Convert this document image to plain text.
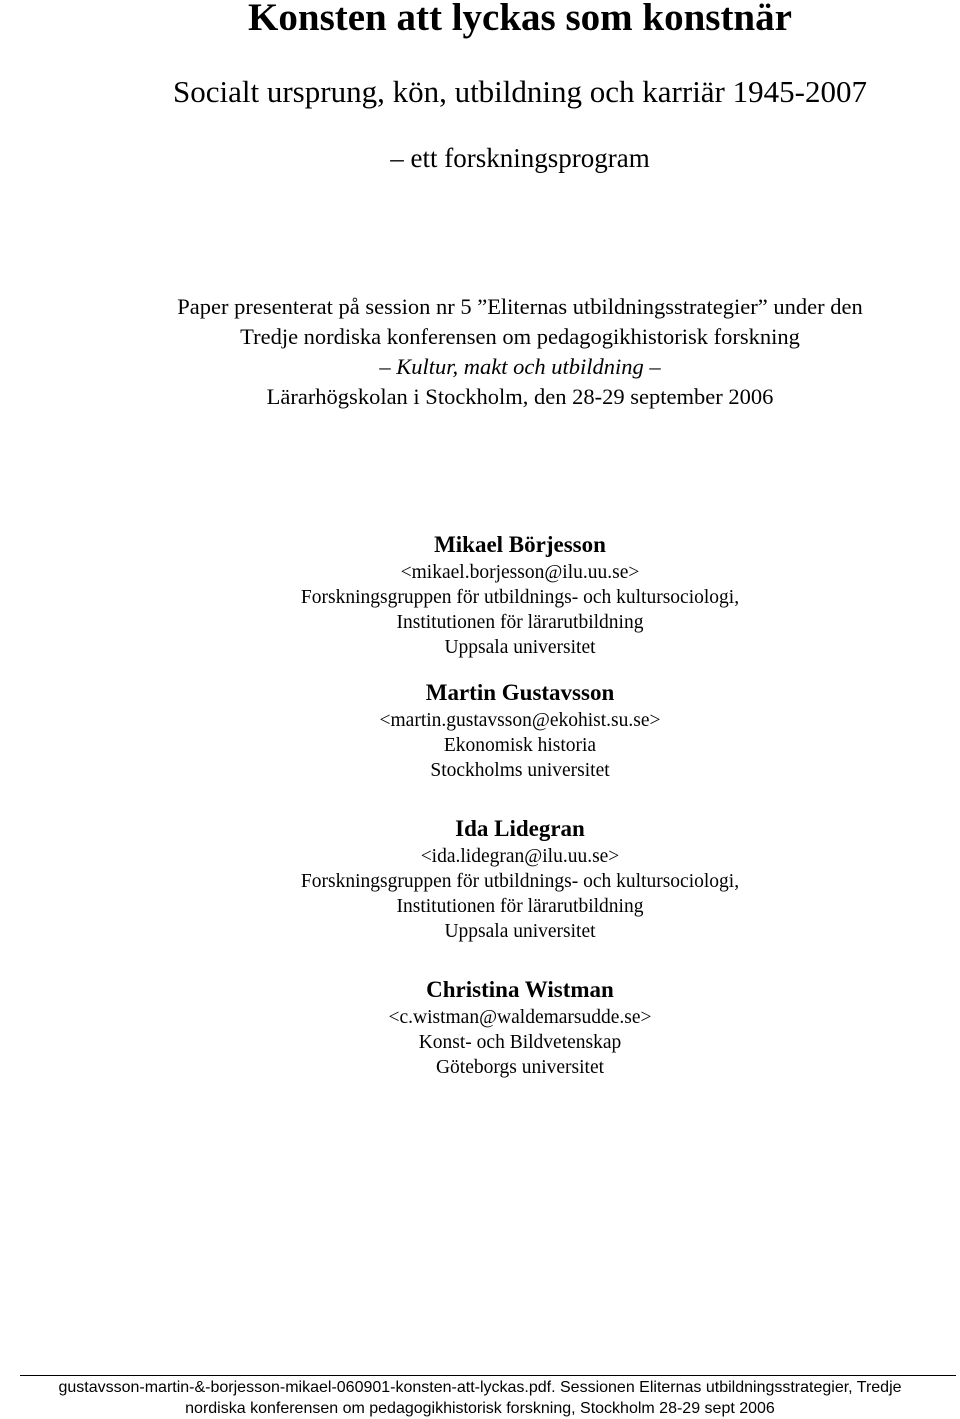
Konsten att lyckas som konstnär
Socialt ursprung, kön, utbildning och karriär 1945-2007
– ett forskningsprogram
Paper presenterat på session nr 5 ”Eliternas utbildningsstrategier” under den
Tredje nordiska konferensen om pedagogikhistorisk forskning
– Kultur, makt och utbildning –
Lärarhögskolan i Stockholm, den 28-29 september 2006
Mikael Börjesson
<mikael.borjesson@ilu.uu.se>
Forskningsgruppen för utbildnings- och kultursociologi,
Institutionen för lärarutbildning
Uppsala universitet
Martin Gustavsson
<martin.gustavsson@ekohist.su.se>
Ekonomisk historia
Stockholms universitet
Ida Lidegran
<ida.lidegran@ilu.uu.se>
Forskningsgruppen för utbildnings- och kultursociologi,
Institutionen för lärarutbildning
Uppsala universitet
Christina Wistman
<c.wistman@waldemarsudde.se>
Konst- och Bildvetenskap
Göteborgs universitet
gustavsson-martin-&-borjesson-mikael-060901-konsten-att-lyckas.pdf. Sessionen Eliternas utbildningsstrategier, Tredje
nordiska konferensen om pedagogikhistorisk forskning, Stockholm 28-29 sept 2006
